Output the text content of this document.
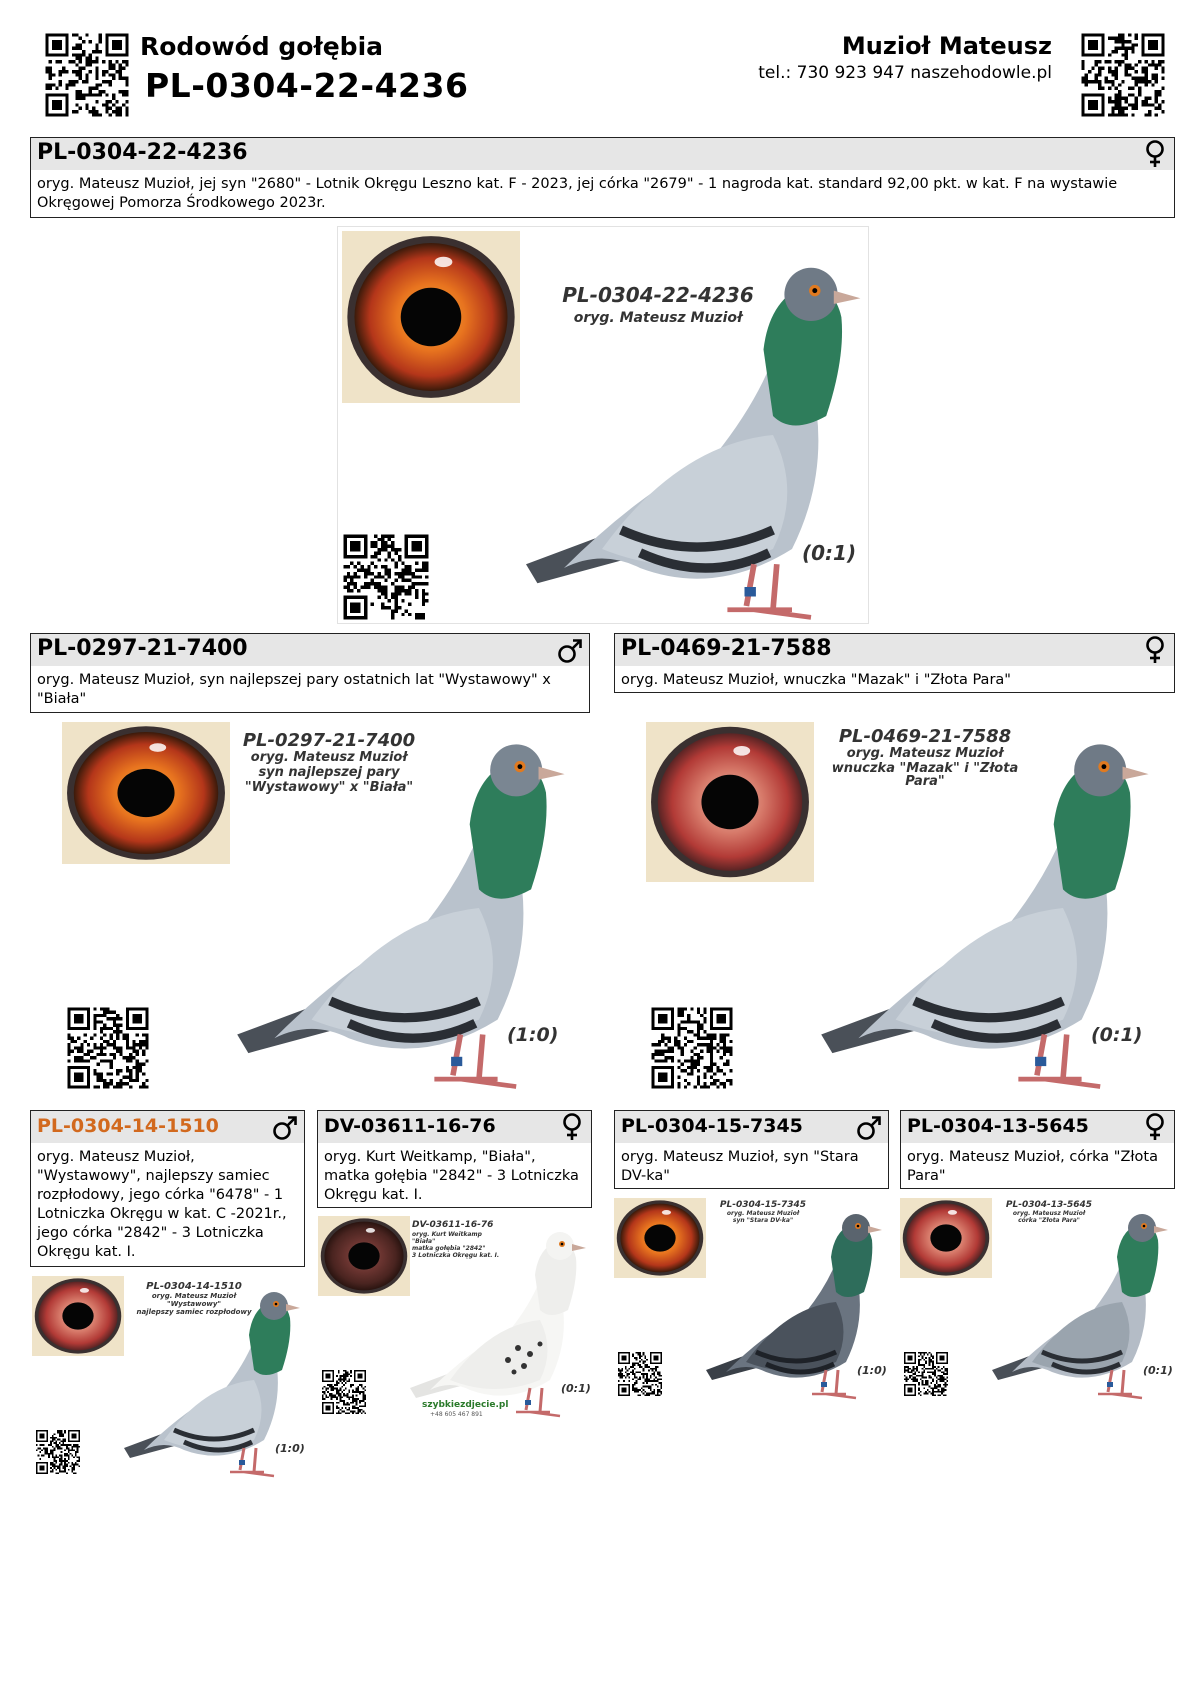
Rodowód gołębia
PL-0304-22-4236
Muzioł Mateusz
tel.: 730 923 947 naszehodowle.pl
PL-0304-22-4236
oryg. Mateusz Muzioł, jej syn "2680" - Lotnik Okręgu Leszno kat. F - 2023, jej córka "2679" - 1 nagroda kat. standard 92,00 pkt. w kat. F na wystawie Okręgowej Pomorza Środkowego 2023r.
PL-0304-22-4236
oryg. Mateusz Muzioł
(0:1)
PL-0297-21-7400
oryg. Mateusz Muzioł, syn najlepszej pary ostatnich lat "Wystawowy" x "Biała"
PL-0469-21-7588
oryg. Mateusz Muzioł, wnuczka "Mazak" i "Złota Para"
PL-0297-21-7400
oryg. Mateusz Muzioł
syn najlepszej pary
"Wystawowy" x "Biała"
(1:0)
PL-0469-21-7588
oryg. Mateusz Muzioł
wnuczka "Mazak" i "Złota Para"
(0:1)
PL-0304-14-1510
oryg. Mateusz Muzioł, "Wystawowy", najlepszy samiec rozpłodowy, jego córka "6478" - 1 Lotniczka Okręgu w kat. C -2021r., jego córka "2842" - 3 Lotniczka Okręgu kat. I.
DV-03611-16-76
oryg. Kurt Weitkamp, "Biała", matka gołębia "2842" - 3 Lotniczka Okręgu kat. I.
PL-0304-15-7345
oryg. Mateusz Muzioł, syn "Stara DV-ka"
PL-0304-13-5645
oryg. Mateusz Muzioł, córka "Złota Para"
PL-0304-14-1510
oryg. Mateusz Muzioł
"Wystawowy"
najlepszy samiec rozpłodowy
(1:0)
DV-03611-16-76
oryg. Kurt Weitkamp
"Biała"
matka gołębia "2842"
3 Lotniczka Okręgu kat. I.
szybkiezdjecie.pl
+48 605 467 891
(0:1)
PL-0304-15-7345
oryg. Mateusz Muzioł
syn "Stara DV-ka"
(1:0)
PL-0304-13-5645
oryg. Mateusz Muzioł
córka "Złota Para"
(0:1)
